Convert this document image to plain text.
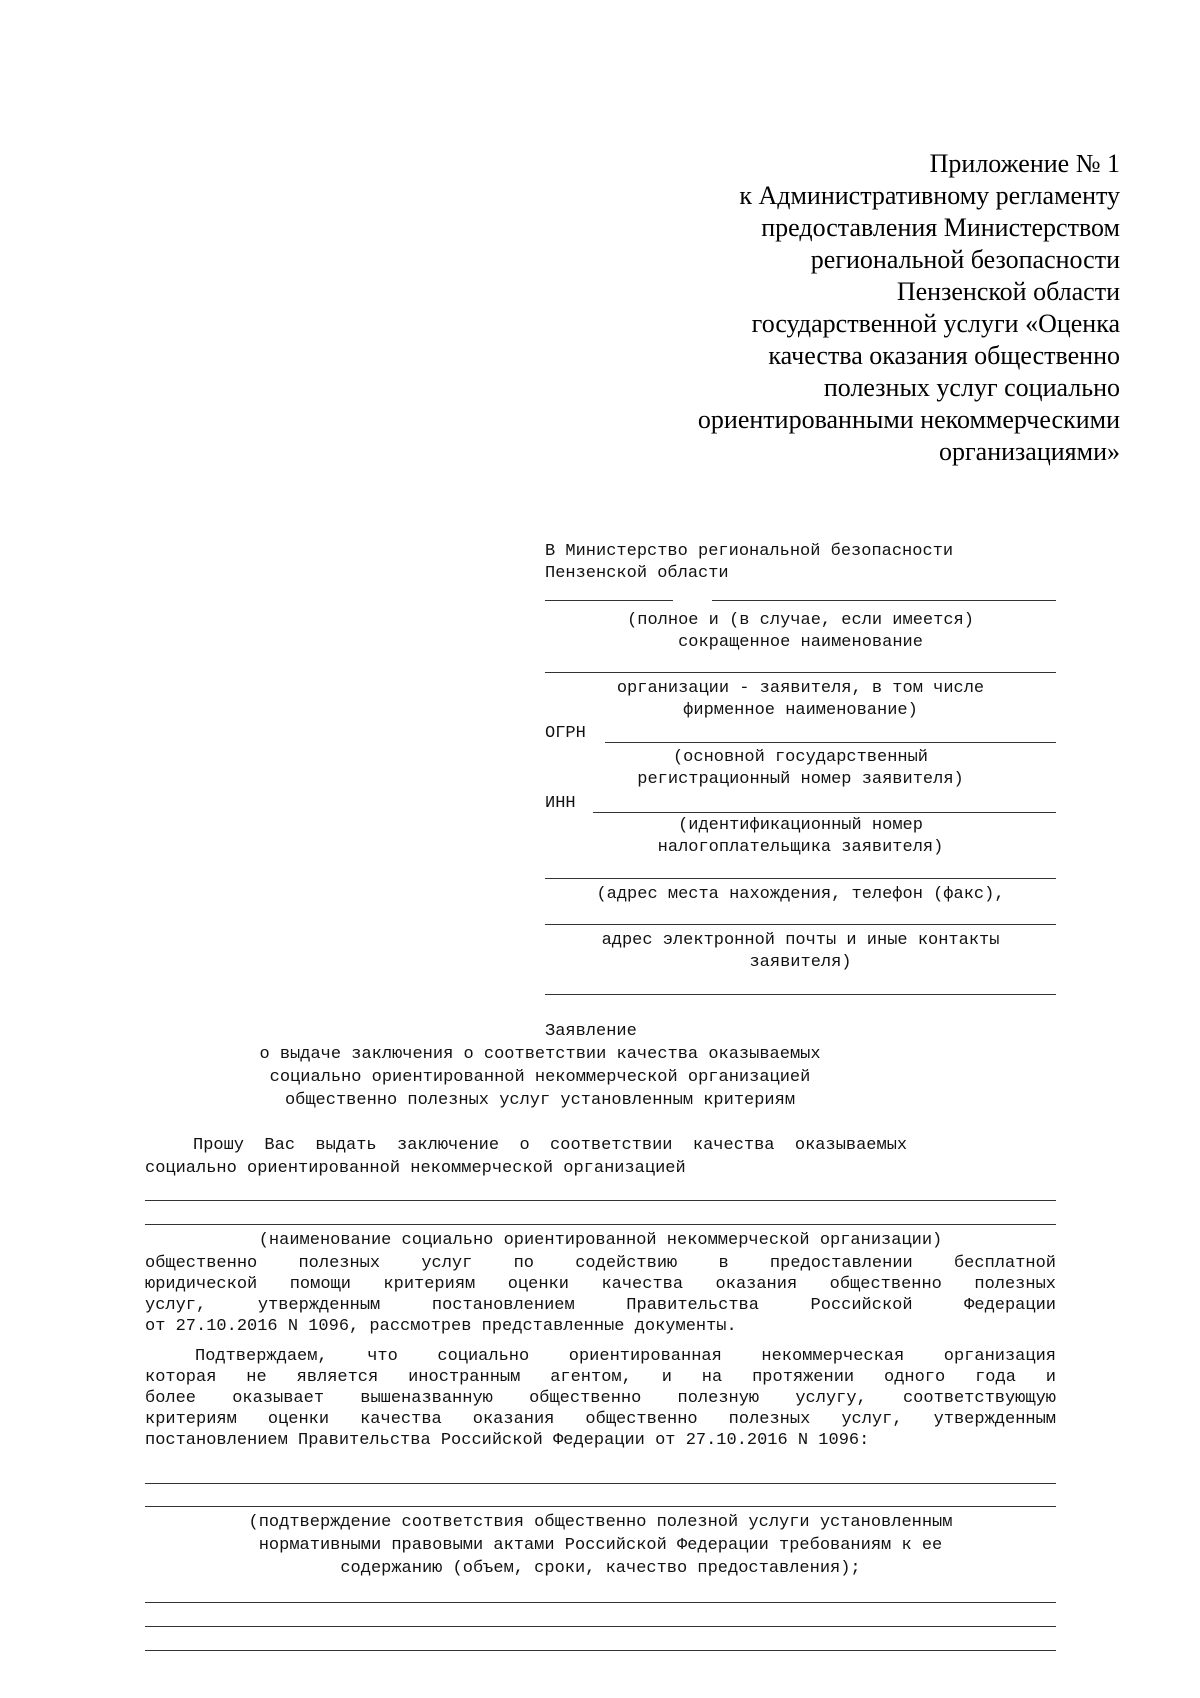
Приложение № 1
к Административному регламенту
предоставления Министерством
региональной безопасности
Пензенской области
государственной услуги «Оценка
качества оказания общественно
полезных услуг социально
ориентированными некоммерческими
организациями»
В Министерство региональной безопасности
Пензенской области
(полное и (в случае, если имеется)
сокращенное наименование
организации - заявителя, в том числе
фирменное наименование)
ОГРН
(основной государственный
регистрационный номер заявителя)
ИНН
(идентификационный номер
налогоплательщика заявителя)
(адрес места нахождения, телефон (факс),
адрес электронной почты и иные контакты
заявителя)
Заявление
о выдаче заключения о соответствии качества оказываемых
социально ориентированной некоммерческой организацией
общественно полезных услуг установленным критериям
Прошу  Вас  выдать  заключение  о  соответствии  качества  оказываемых
социально ориентированной некоммерческой организацией
(наименование социально ориентированной некоммерческой организации)
общественно полезных услуг по содействию в предоставлении бесплатной
юридической помощи критериям оценки качества оказания общественно полезных
услуг, утвержденным постановлением Правительства Российской Федерации
от 27.10.2016 N 1096, рассмотрев представленные документы.
Подтверждаем, что социально ориентированная некоммерческая организация
которая не является иностранным агентом, и на протяжении одного года и
более оказывает вышеназванную общественно полезную услугу, соответствующую
критериям оценки качества оказания общественно полезных услуг, утвержденным
постановлением Правительства Российской Федерации от 27.10.2016 N 1096:
(подтверждение соответствия общественно полезной услуги установленным
нормативными правовыми актами Российской Федерации требованиям к ее
содержанию (объем, сроки, качество предоставления);
